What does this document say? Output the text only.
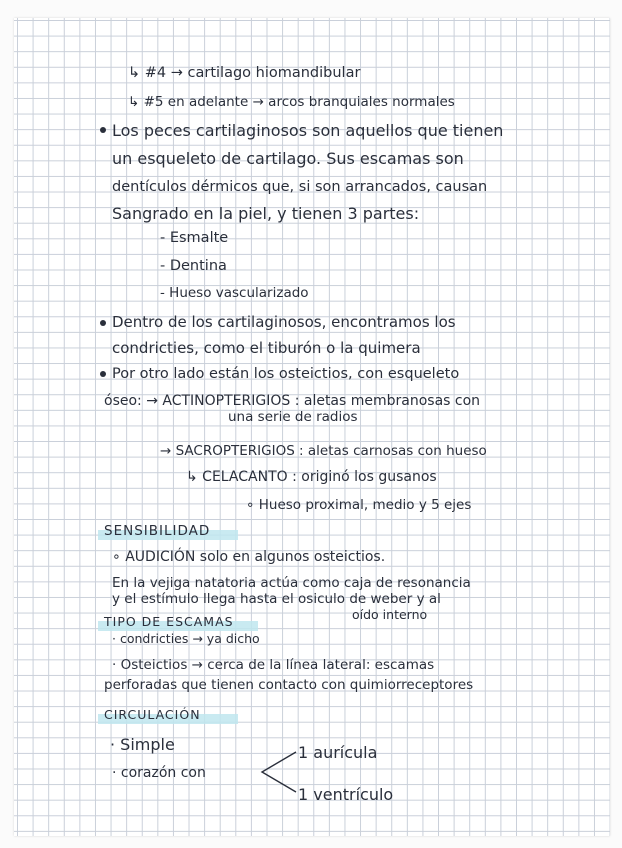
↳ #4 → cartilago hiomandibular
↳ #5 en adelante → arcos branquiales normales
Los peces cartilaginosos son aquellos que tienen
un esqueleto de cartilago. Sus escamas son
dentículos dérmicos que, si son arrancados, causan
Sangrado en la piel, y tienen 3 partes:
- Esmalte
- Dentina
- Hueso vascularizado
Dentro de los cartilaginosos, encontramos los
condricties, como el tiburón o la quimera
Por otro lado están los osteictios, con esqueleto
óseo: → ACTINOPTERIGIOS : aletas membranosas con
una serie de radios
→ SACROPTERIGIOS : aletas carnosas con hueso
↳ CELACANTO : originó los gusanos
∘ Hueso proximal, medio y 5 ejes
SENSIBILIDAD
∘ AUDICIÓN solo en algunos osteictios.
En la vejiga natatoria actúa como caja de resonancia
y el estímulo llega hasta el osiculo de weber y al
oído interno
TIPO DE ESCAMAS
· condricties → ya dicho
· Osteictios → cerca de la línea lateral: escamas
perforadas que tienen contacto con quimiorreceptores
CIRCULACIÓN
· Simple
· corazón con
1 aurícula
1 ventrículo
